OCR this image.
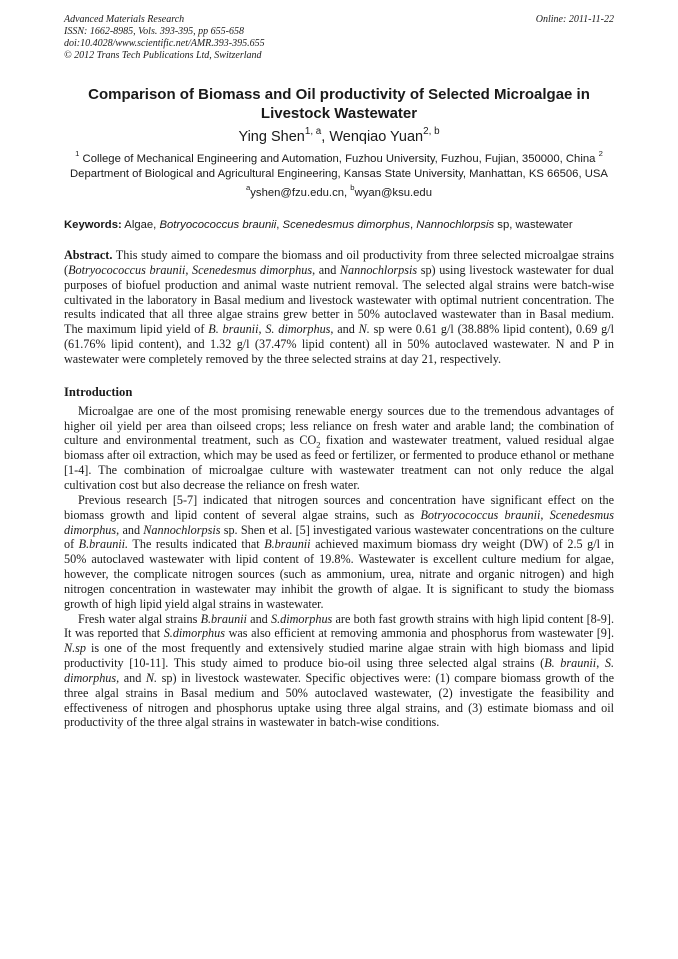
Advanced Materials Research

ISSN: 1662-8985, Vols. 393-395, pp 655-658

doi:10.4028/www.scientific.net/AMR.393-395.655

© 2012 Trans Tech Publications Ltd, Switzerland

Online: 2011-11-22

Comparison of Biomass and Oil productivity of Selected Microalgae in Livestock Wastewater

Ying Shen$^{1, a}$, Wenqiao Yuan$^{2, b}$

$^1$ College of Mechanical Engineering and Automation, Fuzhou University, Fuzhou, Fujian, 350000, China $^2$ Department of Biological and Agricultural Engineering, Kansas State University, Manhattan, KS 66506, USA

$^a$yshen@fzu.edu.cn, $^b$wyan@ksu.edu

Keywords: Algae, Botryocococcus braunii, Scenedesmus dimorphus, Nannochlorpsis sp, wastewater

Abstract. This study aimed to compare the biomass and oil productivity from three selected microalgae strains (Botryocococcus braunii, Scenedesmus dimorphus, and Nannochlorpsis sp) using livestock wastewater for dual purposes of biofuel production and animal waste nutrient removal. The selected algal strains were batch-wise cultivated in the laboratory in Basal medium and livestock wastewater with optimal nutrient concentration. The results indicated that all three algae strains grew better in 50% autoclaved wastewater than in Basal medium. The maximum lipid yield of B. braunii, S. dimorphus, and N. sp were 0.61 g/l (38.88% lipid content), 0.69 g/l (61.76% lipid content), and 1.32 g/l (37.47% lipid content) all in 50% autoclaved wastewater. N and P in wastewater were completely removed by the three selected strains at day 21, respectively.

Introduction

Microalgae are one of the most promising renewable energy sources due to the tremendous advantages of higher oil yield per area than oilseed crops; less reliance on fresh water and arable land; the combination of culture and environmental treatment, such as $CO_2$ fixation and wastewater treatment, valued residual algae biomass after oil extraction, which may be used as feed or fertilizer, or fermented to produce ethanol or methane [1-4]. The combination of microalgae culture with wastewater treatment can not only reduce the algal cultivation cost but also decrease the reliance on fresh water.

Previous research [5-7] indicated that nitrogen sources and concentration have significant effect on the biomass growth and lipid content of several algae strains, such as Botryocococcus braunii, Scenedesmus dimorphus, and Nannochlorpsis sp. Shen et al. [5] investigated various wastewater concentrations on the culture of B.braunii. The results indicated that B.braunii achieved maximum biomass dry weight (DW) of 2.5 g/l in 50% autoclaved wastewater with lipid content of 19.8%. Wastewater is excellent culture medium for algae, however, the complicate nitrogen sources (such as ammonium, urea, nitrate and organic nitrogen) and high nitrogen concentration in wastewater may inhibit the growth of algae. It is significant to study the biomass growth of high lipid yield algal strains in wastewater.

Fresh water algal strains B.braunii and S.dimorphus are both fast growth strains with high lipid content [8-9]. It was reported that S.dimorphus was also efficient at removing ammonia and phosphorus from wastewater [9]. N.sp is one of the most frequently and extensively studied marine algae strain with high biomass and lipid productivity [10-11]. This study aimed to produce bio-oil using three selected algal strains (B. braunii, S. dimorphus, and N. sp) in livestock wastewater. Specific objectives were: (1) compare biomass growth of the three algal strains in Basal medium and 50% autoclaved wastewater, (2) investigate the feasibility and effectiveness of nitrogen and phosphorus uptake using three algal strains, and (3) estimate biomass and oil productivity of the three algal strains in wastewater in batch-wise conditions.
